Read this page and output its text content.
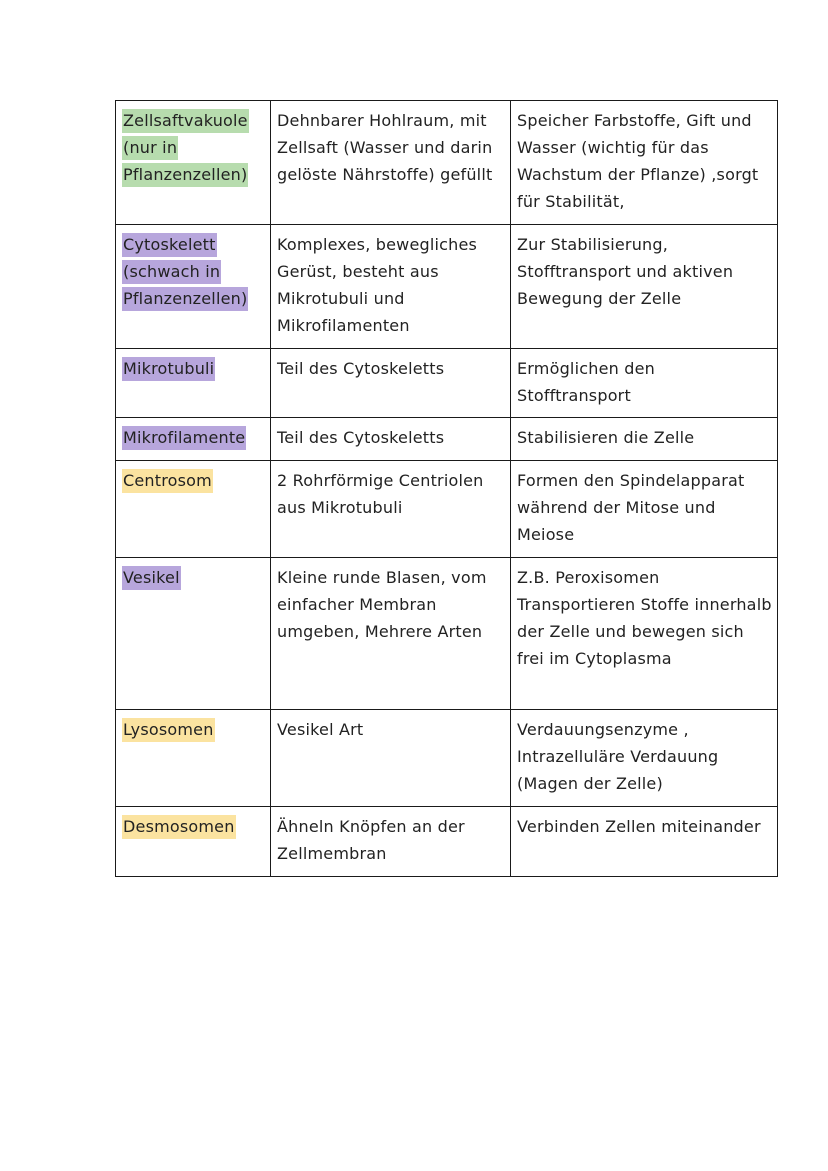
Zellsaftvakuole (nur in Pflanzenzellen)	Dehnbarer Hohlraum, mit Zellsaft (Wasser und darin gelöste Nährstoffe) gefüllt	Speicher Farbstoffe, Gift und Wasser (wichtig für das Wachstum der Pflanze) ,sorgt für Stabilität,

Cytoskelett (schwach in Pflanzenzellen)	Komplexes, bewegliches Gerüst, besteht aus Mikrotubuli und Mikrofilamenten	Zur Stabilisierung, Stofftransport und aktiven Bewegung der Zelle

Mikrotubuli	Teil des Cytoskeletts	Ermöglichen den Stofftransport

Mikrofilamente	Teil des Cytoskeletts	Stabilisieren die Zelle

Centrosom	2 Rohrförmige Centriolen aus Mikrotubuli	Formen den Spindelapparat während der Mitose und Meiose

Vesikel	Kleine runde Blasen, vom einfacher Membran umgeben, Mehrere Arten	Z.B. Peroxisomen Transportieren Stoffe innerhalb der Zelle und bewegen sich frei im Cytoplasma

Lysosomen	Vesikel Art	Verdauungsenzyme , Intrazelluläre Verdauung (Magen der Zelle)

Desmosomen	Ähneln Knöpfen an der Zellmembran	Verbinden Zellen miteinander
